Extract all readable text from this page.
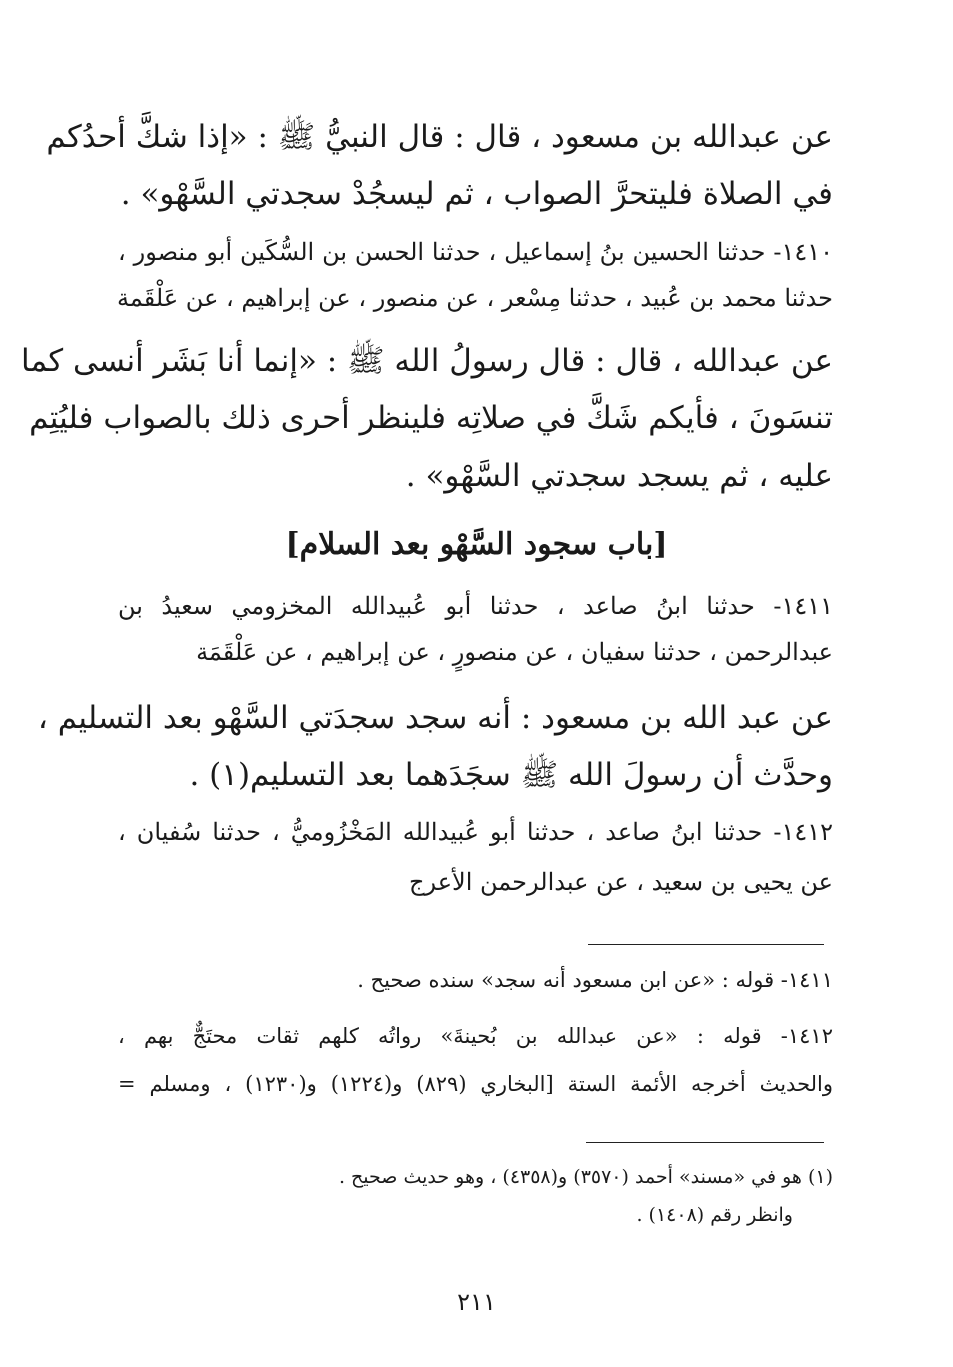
عن عبدالله بن مسعود ، قال : قال النبيُّ ﷺ : «إذا شكَّ أحدُكم
في الصلاة فليتحرَّ الصواب ، ثم ليسجُدْ سجدتي السَّهْو» .
١٤١٠- حدثنا الحسين بنُ إسماعيل ، حدثنا الحسن بن السُّكَين أبو منصور ،
حدثنا محمد بن عُبيد ، حدثنا مِسْعر ، عن منصور ، عن إبراهيم ، عن عَلْقَمة
عن عبدالله ، قال : قال رسولُ الله ﷺ : «إنما أنا بَشَر أنسى كما
تنسَونَ ، فأيكم شَكَّ في صلاتِه فلينظر أحرى ذلك بالصواب فليُتِم
عليه ، ثم يسجد سجدتي السَّهْو» .
[باب سجود السَّهْو بعد السلام]
١٤١١- حدثنا ابنُ صاعد ، حدثنا أبو عُبيدالله المخزومي سعيدُ بن
عبدالرحمن ، حدثنا سفيان ، عن منصورٍ ، عن إبراهيم ، عن عَلْقَمَة
عن عبد الله بن مسعود : أنه سجد سجدَتي السَّهْو بعد التسليم ،
وحدَّث أن رسولَ الله ﷺ سجَدَهما بعد التسليم(١) .
١٤١٢- حدثنا ابنُ صاعد ، حدثنا أبو عُبيدالله المَخْزُوميُّ ، حدثنا سُفيان ،
عن يحيى بن سعيد ، عن عبدالرحمن الأعرج
١٤١١- قوله : «عن ابن مسعود أنه سجد» سنده صحيح .
١٤١٢- قوله : «عن عبدالله بن بُحينةَ» رواتُه كلهم ثقات محتَجٌّ بهم ،
والحديث أخرجه الأئمة الستة [البخاري (٨٢٩) و(١٢٢٤) و(١٢٣٠) ، ومسلم =
(١) هو في «مسند» أحمد (٣٥٧٠) و(٤٣٥٨) ، وهو حديث صحيح .
وانظر رقم (١٤٠٨) .
٢١١
